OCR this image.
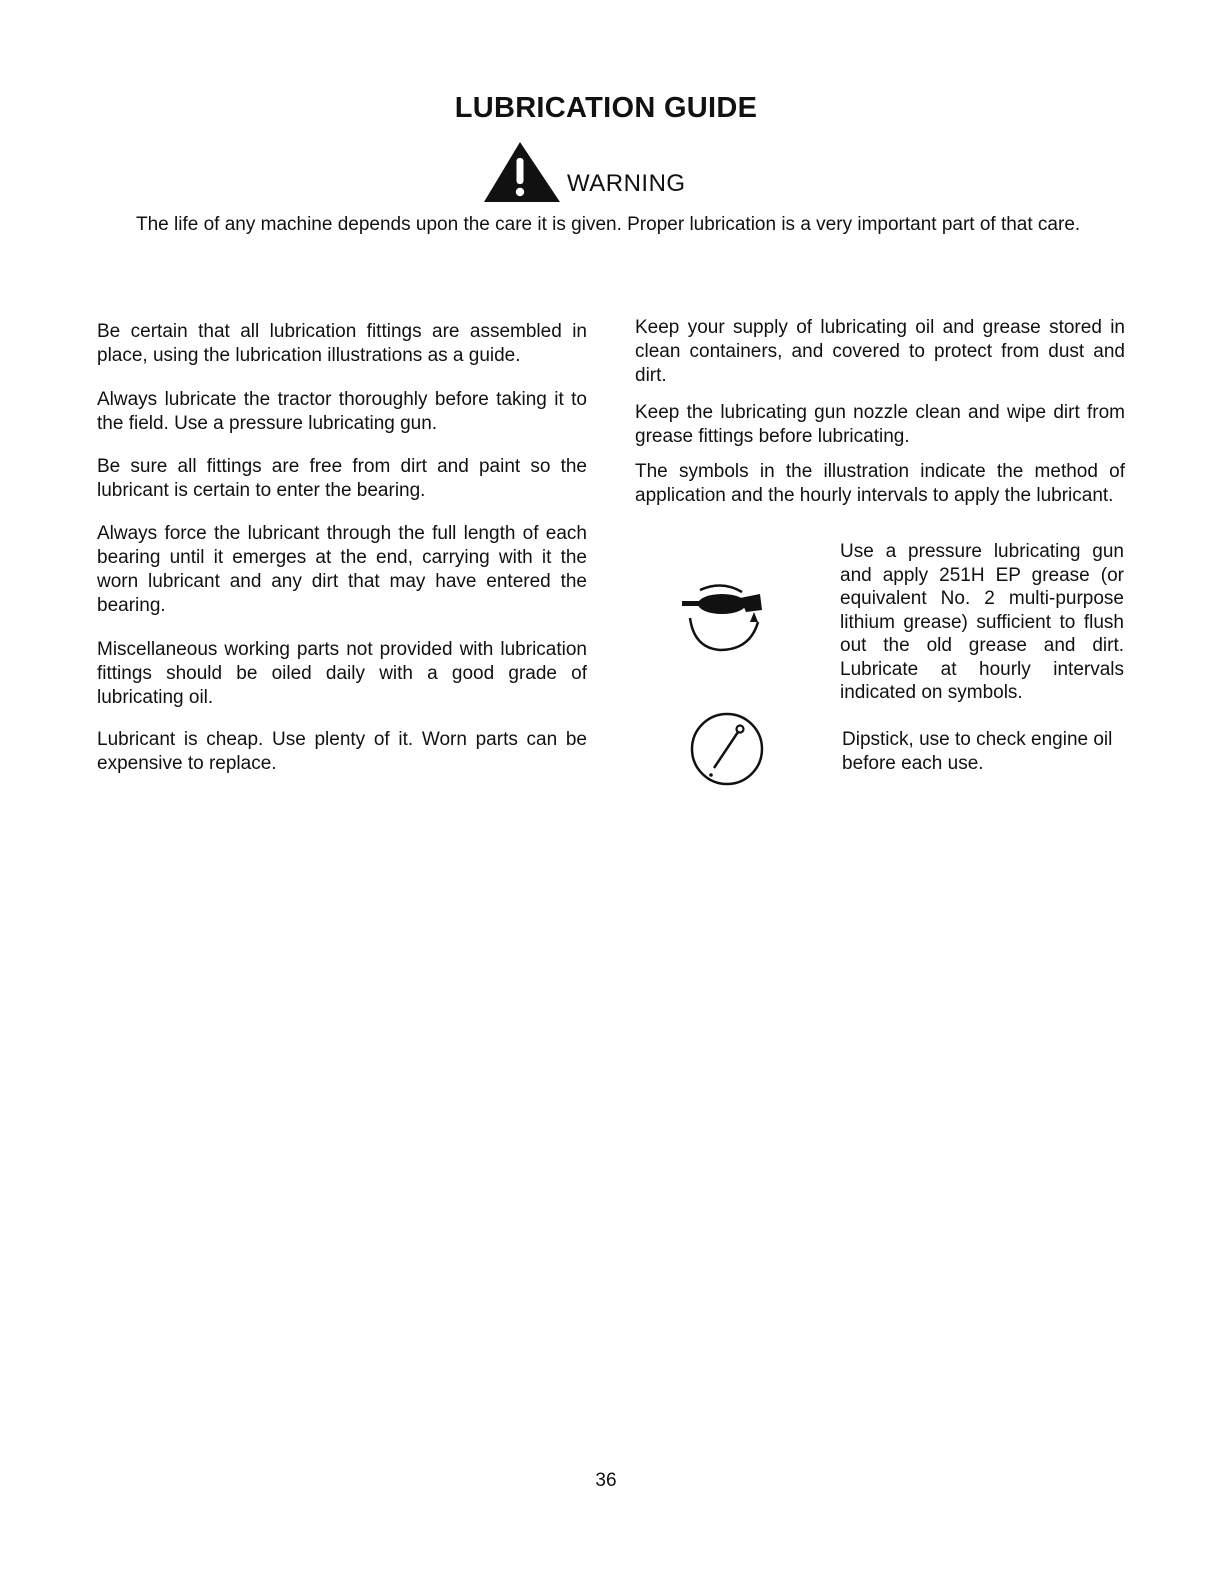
LUBRICATION GUIDE
WARNING
The life of any machine depends upon the care it is given. Proper lubrication is a very important part of that care.

Be certain that all lubrication fittings are assembled in place, using the lubrication illustrations as a guide.

Always lubricate the tractor thoroughly before taking it to the field. Use a pressure lubricating gun.

Be sure all fittings are free from dirt and paint so the lubricant is certain to enter the bearing.

Always force the lubricant through the full length of each bearing until it emerges at the end, carrying with it the worn lubricant and any dirt that may have entered the bearing.

Miscellaneous working parts not provided with lubrication fittings should be oiled daily with a good grade of lubricating oil.

Lubricant is cheap. Use plenty of it. Worn parts can be expensive to replace.

Keep your supply of lubricating oil and grease stored in clean containers, and covered to protect from dust and dirt.

Keep the lubricating gun nozzle clean and wipe dirt from grease fittings before lubricating.

The symbols in the illustration indicate the method of application and the hourly intervals to apply the lubricant.

Use a pressure lubricating gun and apply 251H EP grease (or equivalent No. 2 multi-purpose lithium grease) sufficient to flush out the old grease and dirt. Lubricate at hourly intervals indicated on symbols.
Dipstick, use to check engine oil before each use.
36
